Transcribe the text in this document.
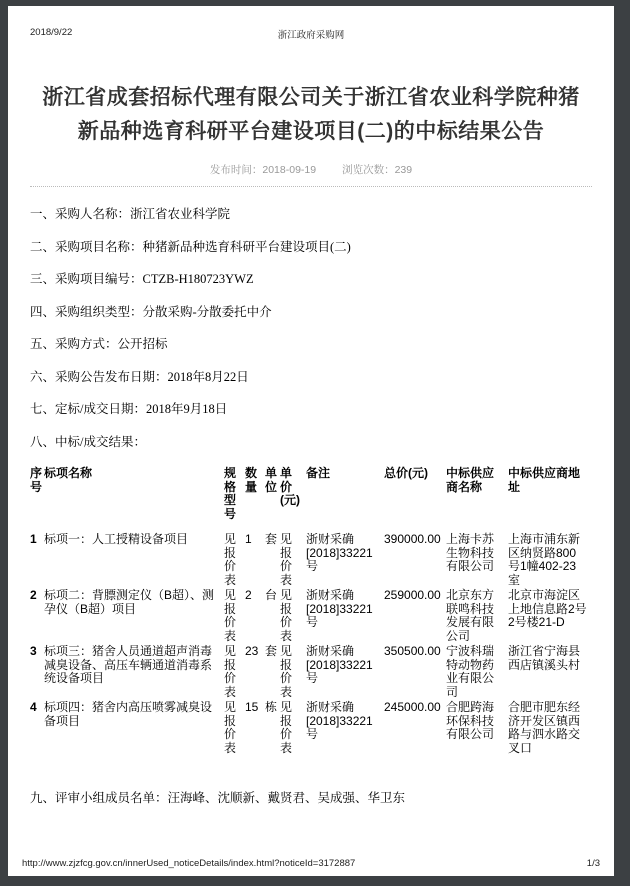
2018/9/22	浙江政府采购网
浙江省成套招标代理有限公司关于浙江省农业科学院种猪新品种选育科研平台建设项目(二)的中标结果公告
发布时间：2018-09-19 浏览次数：239

一、采购人名称：浙江省农业科学院

二、采购项目名称：种猪新品种选育科研平台建设项目(二)

三、采购项目编号：CTZB-H180723YWZ

四、采购组织类型：分散采购-分散委托中介

五、采购方式：公开招标

六、采购公告发布日期：2018年8月22日

七、定标/成交日期：2018年9月18日

八、中标/成交结果：

序号	标项名称	规格型号	数量	单位	单价(元)	备注	总价(元)	中标供应商名称	中标供应商地址
1	标项一：人工授精设备项目	见报价表	1	套	见报价表	浙财采确[2018]33221号	390000.00	上海卡苏生物科技有限公司	上海市浦东新区纳贤路800号1幢402-23室
2	标项二：背膘测定仪（B超）、测孕仪（B超）项目	见报价表	2	台	见报价表	浙财采确[2018]33221号	259000.00	北京东方联鸣科技发展有限公司	北京市海淀区上地信息路2号2号楼21-D
3	标项三：猪舍人员通道超声消毒减臭设备、高压车辆通道消毒系统设备项目	见报价表	23	套	见报价表	浙财采确[2018]33221号	350500.00	宁波科瑞特动物药业有限公司	浙江省宁海县西店镇溪头村
4	标项四：猪舍内高压喷雾减臭设备项目	见报价表	15	栋	见报价表	浙财采确[2018]33221号	245000.00	合肥跨海环保科技有限公司	合肥市肥东经济开发区镇西路与泗水路交叉口

九、评审小组成员名单：汪海峰、沈顺新、戴贤君、吴成强、华卫东

http://www.zjzfcg.gov.cn/innerUsed_noticeDetails/index.html?noticeId=3172887	1/3
